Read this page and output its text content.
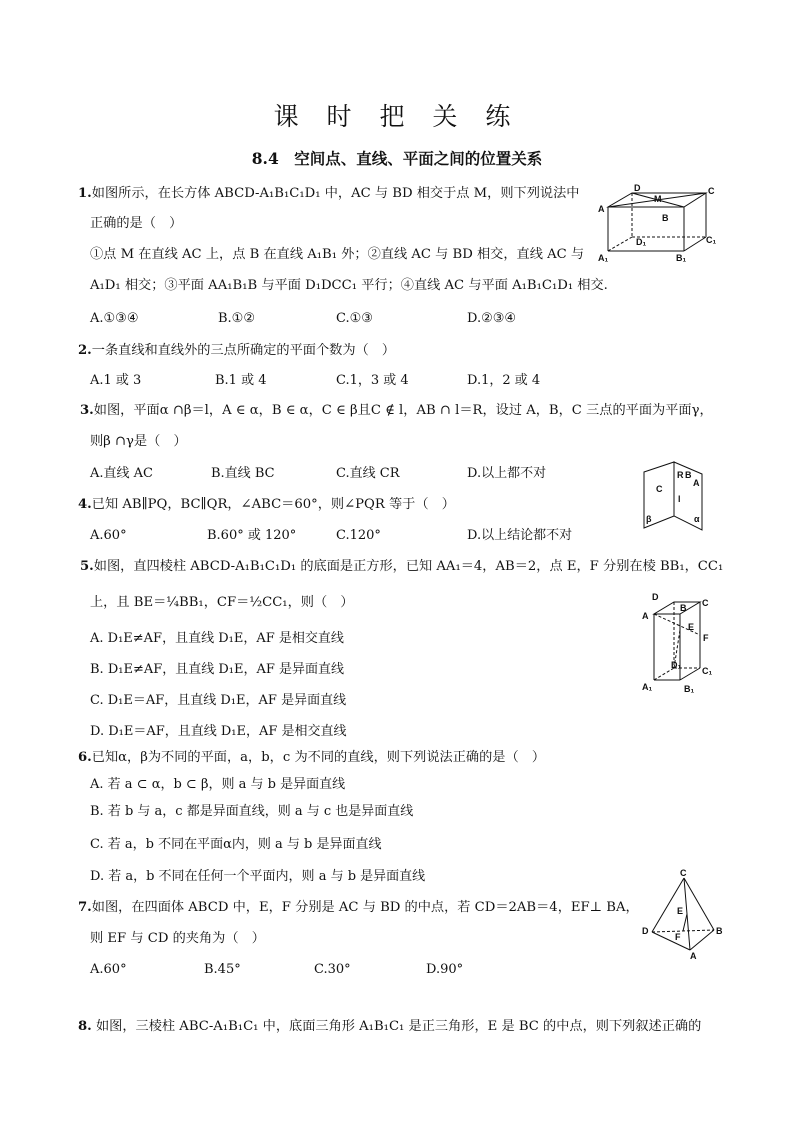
课 时 把 关 练
8.4　空间点、直线、平面之间的位置关系
1.如图所示，在长方体 ABCD-A₁B₁C₁D₁ 中，AC 与 BD 相交于点 M，则下列说法中
正确的是（　）
①点 M 在直线 AC 上，点 B 在直线 A₁B₁ 外；②直线 AC 与 BD 相交，直线 AC 与
A₁D₁ 相交；③平面 AA₁B₁B 与平面 D₁DCC₁ 平行；④直线 AC 与平面 A₁B₁C₁D₁ 相交.
A.①③④	B.①②	C.①③	D.②③④
D
M
C
A
B
D₁	C₁
A₁	B₁
2.一条直线和直线外的三点所确定的平面个数为（　）
A.1 或 3	B.1 或 4	C.1，3 或 4	D.1，2 或 4
3.如图，平面α ∩β＝l，A ∈ α，B ∈ α，C ∈ β且C ∉ l，AB ∩ l＝R，设过 A，B，C 三点的平面为平面γ，
则β ∩γ是（　）
A.直线 AC	B.直线 BC	C.直线 CR	D.以上都不对	R B
A
C
l
β	α
4.已知 AB∥PQ，BC∥QR，∠ABC＝60°，则∠PQR 等于（　）
A.60°	B.60° 或 120°	C.120°	D.以上结论都不对
5.如图，直四棱柱 ABCD-A₁B₁C₁D₁ 的底面是正方形，已知 AA₁＝4，AB＝2，点 E，F 分别在棱 BB₁，CC₁
上，且 BE＝¼BB₁，CF＝½CC₁，则（　）
A. D₁E≠AF，且直线 D₁E，AF 是相交直线
B. D₁E≠AF，且直线 D₁E，AF 是异面直线
C. D₁E＝AF，且直线 D₁E，AF 是异面直线
D. D₁E＝AF，且直线 D₁E，AF 是相交直线
D
B C
A
E
F
D₁
C₁
A₁	B₁
6.已知α，β为不同的平面，a，b，c 为不同的直线，则下列说法正确的是（　）
A. 若 a ⊂ α，b ⊂ β，则 a 与 b 是异面直线
B. 若 b 与 a，c 都是异面直线，则 a 与 c 也是异面直线
C. 若 a，b 不同在平面α内，则 a 与 b 是异面直线
D. 若 a，b 不同在任何一个平面内，则 a 与 b 是异面直线
7.如图，在四面体 ABCD 中，E，F 分别是 AC 与 BD 的中点，若 CD＝2AB＝4，EF⊥ BA，
则 EF 与 CD 的夹角为（　）
A.60°	B.45°	C.30°	D.90°
C
E
D
F
B
A
8. 如图，三棱柱 ABC-A₁B₁C₁ 中，底面三角形 A₁B₁C₁ 是正三角形，E 是 BC 的中点，则下列叙述正确的
